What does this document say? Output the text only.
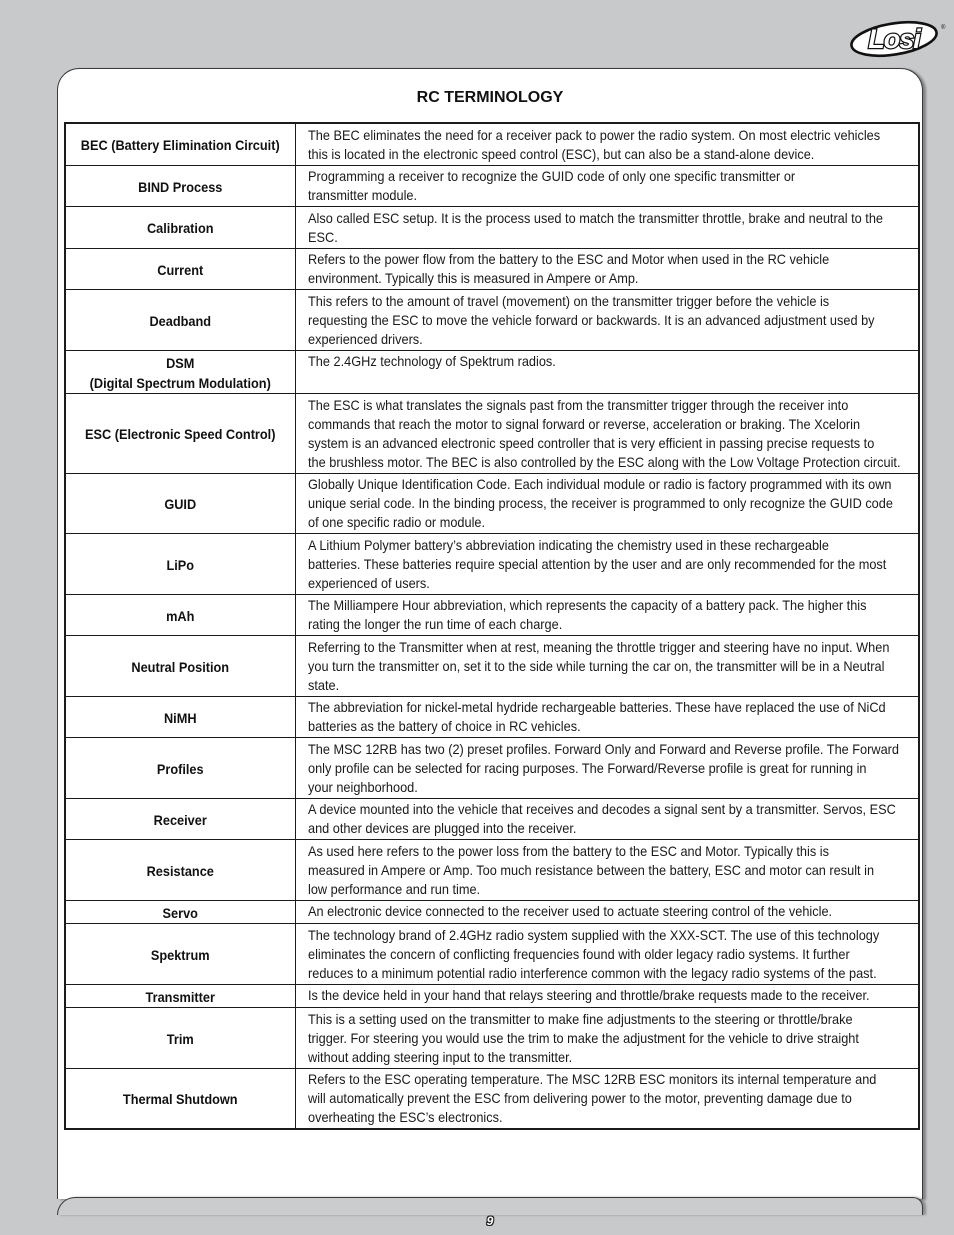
Losi	®
RC TERMINOLOGY
BEC (Battery Elimination Circuit)	The BEC eliminates the need for a receiver pack to power the radio system. On most electric vehicles
this is located in the electronic speed control (ESC), but can also be a stand-alone device.

BIND Process	Programming a receiver to recognize the GUID code of only one specific transmitter or
transmitter module.

Calibration	Also called ESC setup. It is the process used to match the transmitter throttle, brake and neutral to the
ESC.

Current	Refers to the power flow from the battery to the ESC and Motor when used in the RC vehicle
environment. Typically this is measured in Ampere or Amp.

Deadband	This refers to the amount of travel (movement) on the transmitter trigger before the vehicle is
requesting the ESC to move the vehicle forward or backwards. It is an advanced adjustment used by
experienced drivers.

DSM
(Digital Spectrum Modulation)	The 2.4GHz technology of Spektrum radios.

ESC (Electronic Speed Control)	The ESC is what translates the signals past from the transmitter trigger through the receiver into
commands that reach the motor to signal forward or reverse, acceleration or braking. The Xcelorin
system is an advanced electronic speed controller that is very efficient in passing precise requests to
the brushless motor. The BEC is also controlled by the ESC along with the Low Voltage Protection circuit.

GUID	Globally Unique Identification Code. Each individual module or radio is factory programmed with its own
unique serial code. In the binding process, the receiver is programmed to only recognize the GUID code
of one specific radio or module.

LiPo	A Lithium Polymer battery’s abbreviation indicating the chemistry used in these rechargeable
batteries. These batteries require special attention by the user and are only recommended for the most
experienced of users.

mAh	The Milliampere Hour abbreviation, which represents the capacity of a battery pack. The higher this
rating the longer the run time of each charge.

Neutral Position	Referring to the Transmitter when at rest, meaning the throttle trigger and steering have no input. When
you turn the transmitter on, set it to the side while turning the car on, the transmitter will be in a Neutral
state.

NiMH	The abbreviation for nickel-metal hydride rechargeable batteries. These have replaced the use of NiCd
batteries as the battery of choice in RC vehicles.

Profiles	The MSC 12RB has two (2) preset profiles. Forward Only and Forward and Reverse profile. The Forward
only profile can be selected for racing purposes. The Forward/Reverse profile is great for running in
your neighborhood.

Receiver	A device mounted into the vehicle that receives and decodes a signal sent by a transmitter. Servos, ESC
and other devices are plugged into the receiver.

Resistance	As used here refers to the power loss from the battery to the ESC and Motor. Typically this is
measured in Ampere or Amp. Too much resistance between the battery, ESC and motor can result in
low performance and run time.

Servo	An electronic device connected to the receiver used to actuate steering control of the vehicle.

Spektrum	The technology brand of 2.4GHz radio system supplied with the XXX-SCT. The use of this technology
eliminates the concern of conflicting frequencies found with older legacy radio systems. It further
reduces to a minimum potential radio interference common with the legacy radio systems of the past.

Transmitter	Is the device held in your hand that relays steering and throttle/brake requests made to the receiver.

Trim	This is a setting used on the transmitter to make fine adjustments to the steering or throttle/brake
trigger. For steering you would use the trim to make the adjustment for the vehicle to drive straight
without adding steering input to the transmitter.

Thermal Shutdown	Refers to the ESC operating temperature. The MSC 12RB ESC monitors its internal temperature and
will automatically prevent the ESC from delivering power to the motor, preventing damage due to
overheating the ESC’s electronics.
9
